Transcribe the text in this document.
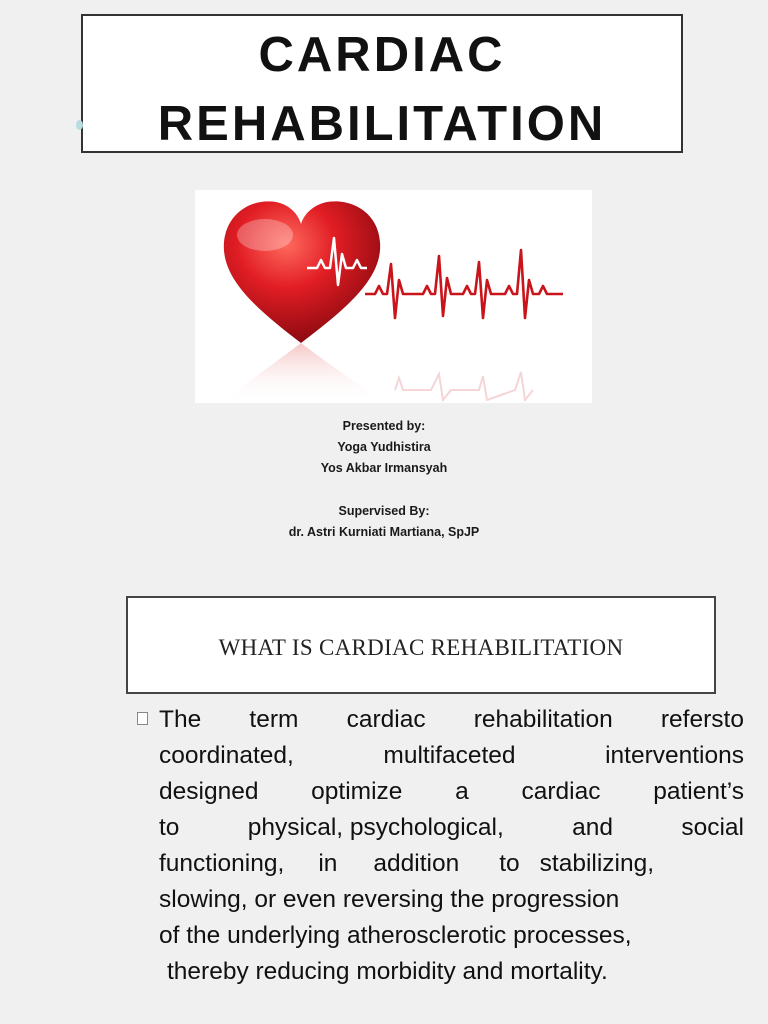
CARDIAC
REHABILITATION
Presented by:
Yoga Yudhistira
Yos Akbar Irmansyah
Supervised By:
dr. Astri Kurniati Martiana, SpJP
WHAT IS CARDIAC REHABILITATION
The term cardiac rehabilitation refersto
coordinated,	multifaceted	interventions
designed optimize a cardiac patient’s
to	physical, psychological,	and	social
functioning, in addition to stabilizing,
slowing, or even reversing the progression
of the underlying atherosclerotic processes,
thereby reducing morbidity and mortality.
